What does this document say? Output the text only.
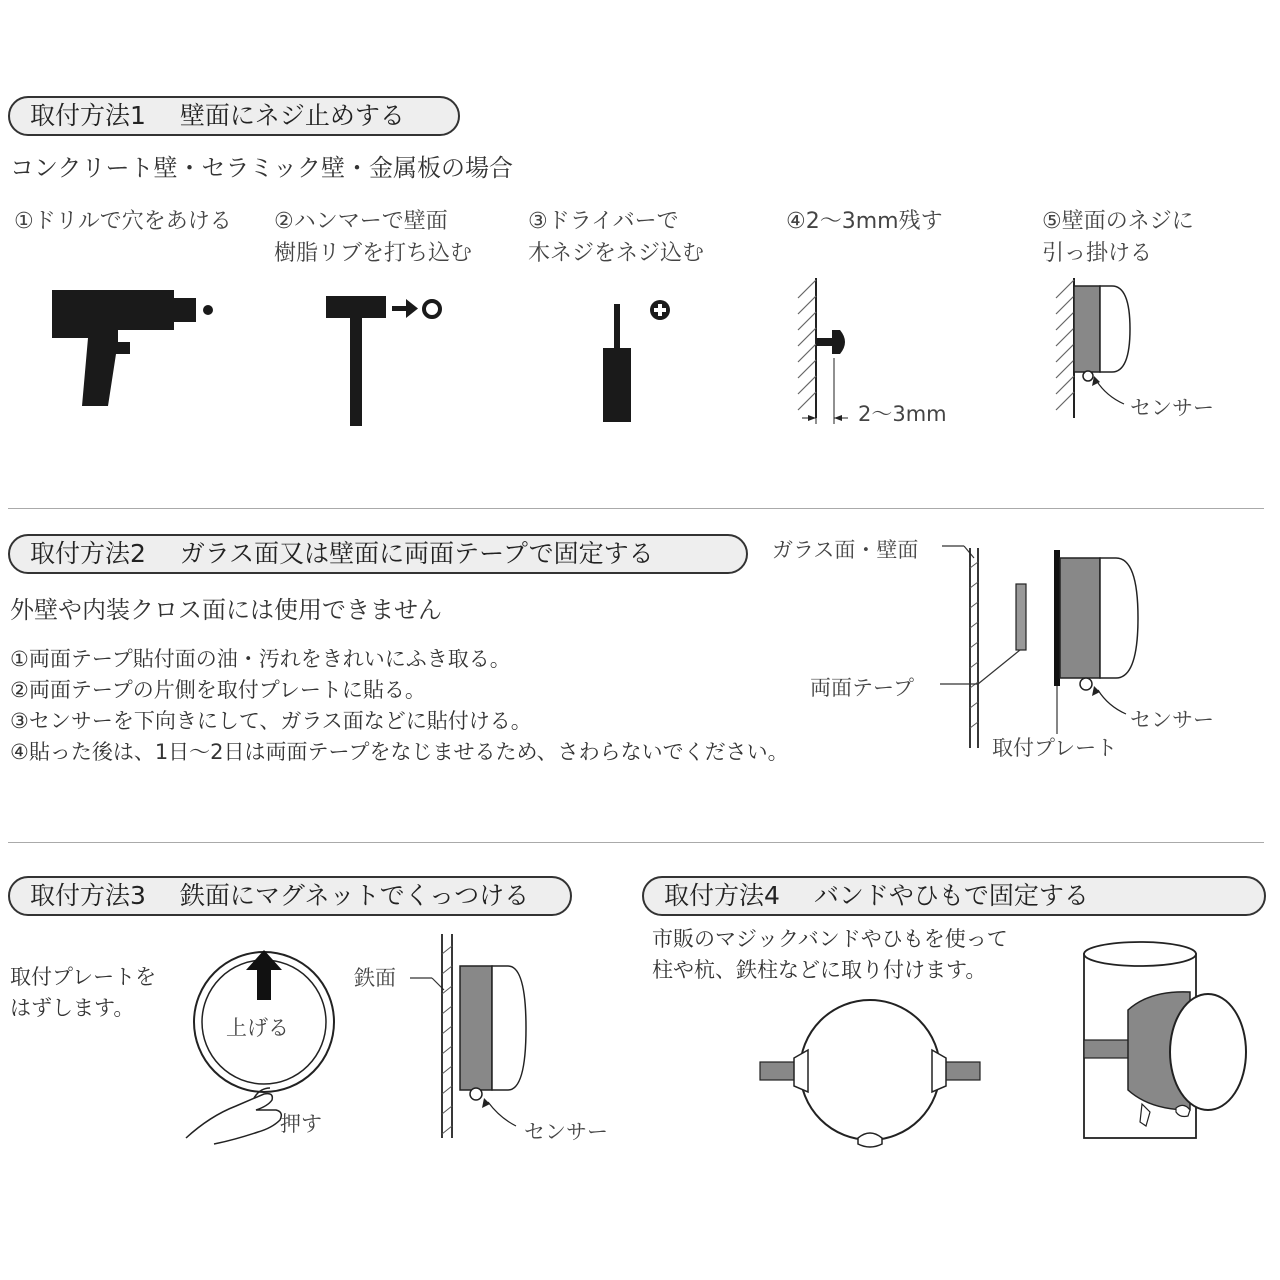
取付方法1 壁面にネジ止めする
コンクリート壁・セラミック壁・金属板の場合
①ドリルで穴をあける ②ハンマーで壁面
樹脂リブを打ち込む
③ドライバーで
木ネジをネジ込む
④2〜3mm残す	⑤壁面のネジに
引っ掛ける
2〜3mm	センサー
取付方法2 ガラス面又は壁面に両面テープで固定する
外壁や内装クロス面には使用できません
①両面テープ貼付面の油・汚れをきれいにふき取る。
②両面テープの片側を取付プレートに貼る。
③センサーを下向きにして、ガラス面などに貼付ける。
④貼った後は、1日〜2日は両面テープをなじませるため、さわらないでください。
ガラス面・壁面
両面テープ
センサー
取付プレート
取付方法3 鉄面にマグネットでくっつける
取付プレートを
はずします。
上げる
押す
鉄面
センサー
取付方法4 バンドやひもで固定する
市販のマジックバンドやひもを使って
柱や杭、鉄柱などに取り付けます。
